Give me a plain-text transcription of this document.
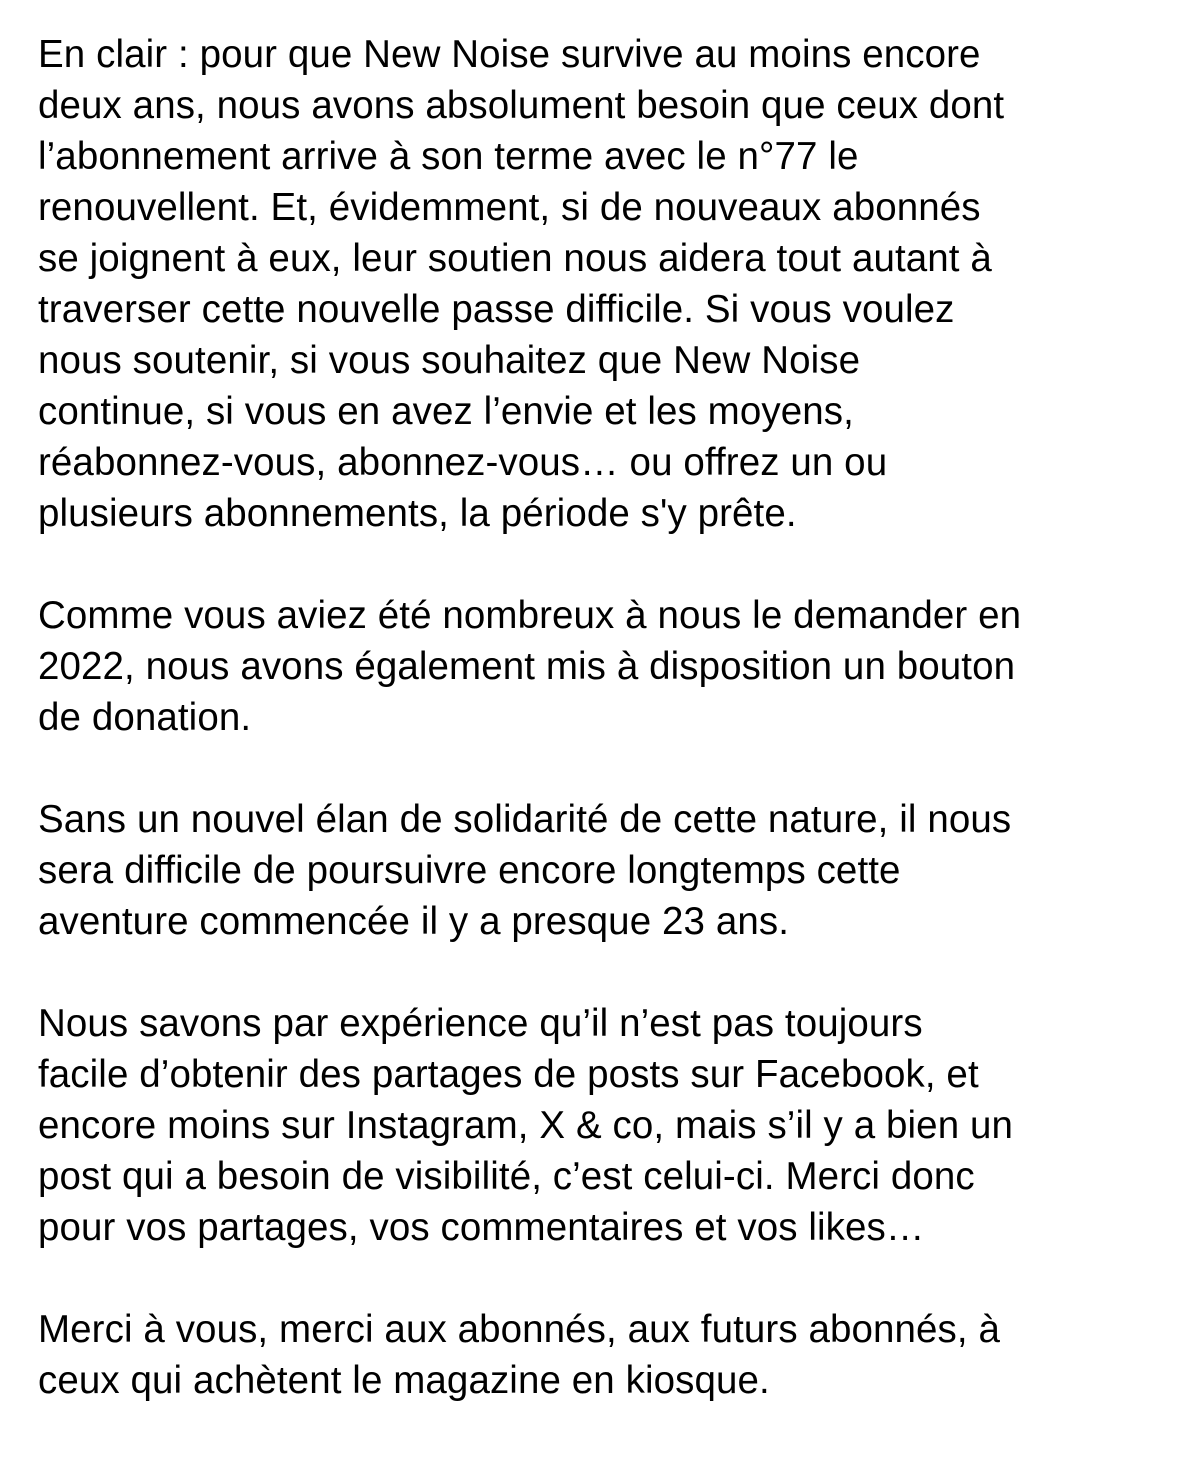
En clair : pour que New Noise survive au moins encore
deux ans, nous avons absolument besoin que ceux dont
l’abonnement arrive à son terme avec le n°77 le
renouvellent. Et, évidemment, si de nouveaux abonnés
se joignent à eux, leur soutien nous aidera tout autant à
traverser cette nouvelle passe difficile. Si vous voulez
nous soutenir, si vous souhaitez que New Noise
continue, si vous en avez l’envie et les moyens,
réabonnez-vous, abonnez-vous… ou offrez un ou
plusieurs abonnements, la période s'y prête.

Comme vous aviez été nombreux à nous le demander en
2022, nous avons également mis à disposition un bouton
de donation.

Sans un nouvel élan de solidarité de cette nature, il nous
sera difficile de poursuivre encore longtemps cette
aventure commencée il y a presque 23 ans.

Nous savons par expérience qu’il n’est pas toujours
facile d’obtenir des partages de posts sur Facebook, et
encore moins sur Instagram, X & co, mais s’il y a bien un
post qui a besoin de visibilité, c’est celui-ci. Merci donc
pour vos partages, vos commentaires et vos likes…

Merci à vous, merci aux abonnés, aux futurs abonnés, à
ceux qui achètent le magazine en kiosque.
